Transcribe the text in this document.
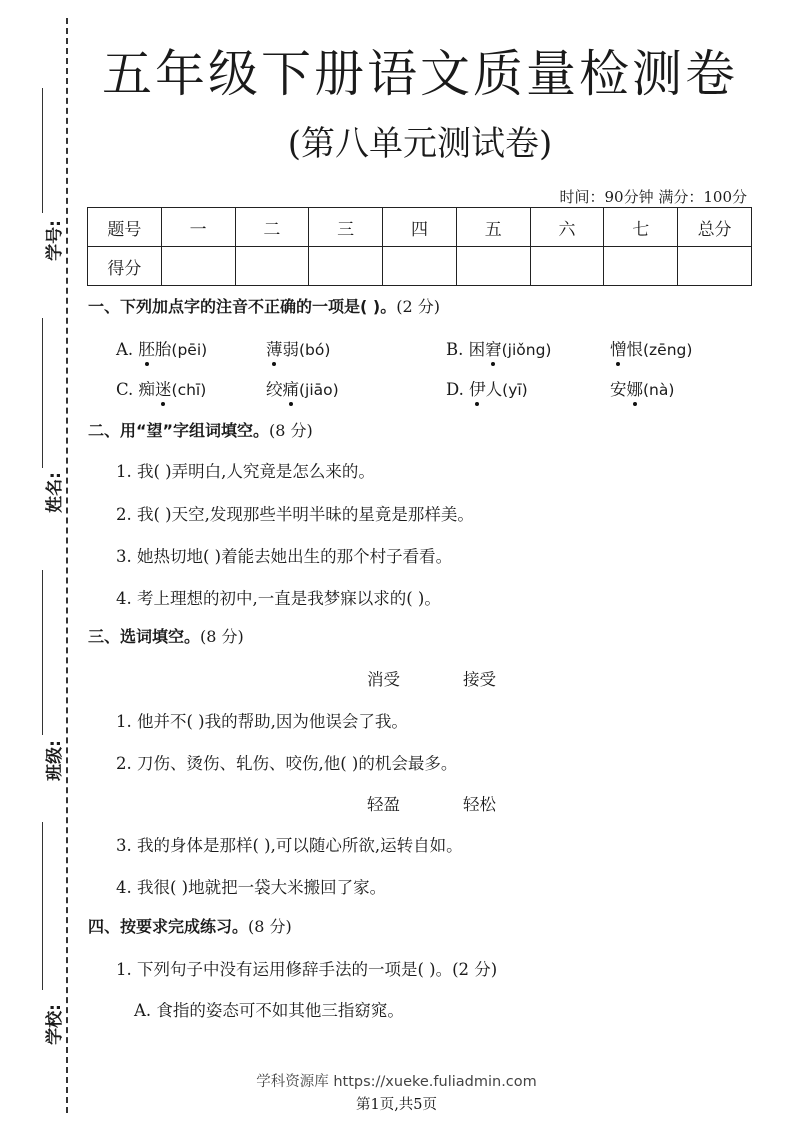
学号:
姓名:
班级:
学校:
五年级下册语文质量检测卷
(第八单元测试卷)
时间：90分钟 满分：100分
题号	一	二	三	四	五	六	七	总分
得分								
一、下列加点字的注音不正确的一项是( )。(2 分)
A. 胚胎(pēi)	薄弱(bó)	B. 困窘(jiǒng)	憎恨(zēng)
C. 痴迷(chī)	绞痛(jiāo)	D. 伊人(yī)	安娜(nà)
二、用“望”字组词填空。(8 分)
1. 我( )弄明白,人究竟是怎么来的。
2. 我( )天空,发现那些半明半昧的星竟是那样美。
3. 她热切地( )着能去她出生的那个村子看看。
4. 考上理想的初中,一直是我梦寐以求的( )。
三、选词填空。(8 分)
消受	接受
1. 他并不( )我的帮助,因为他误会了我。
2. 刀伤、烫伤、轧伤、咬伤,他( )的机会最多。
轻盈	轻松
3. 我的身体是那样( ),可以随心所欲,运转自如。
4. 我很( )地就把一袋大米搬回了家。
四、按要求完成练习。(8 分)
1. 下列句子中没有运用修辞手法的一项是( )。(2 分)
A. 食指的姿态可不如其他三指窈窕。
学科资源库 https://xueke.fuliadmin.com
第1页,共5页
